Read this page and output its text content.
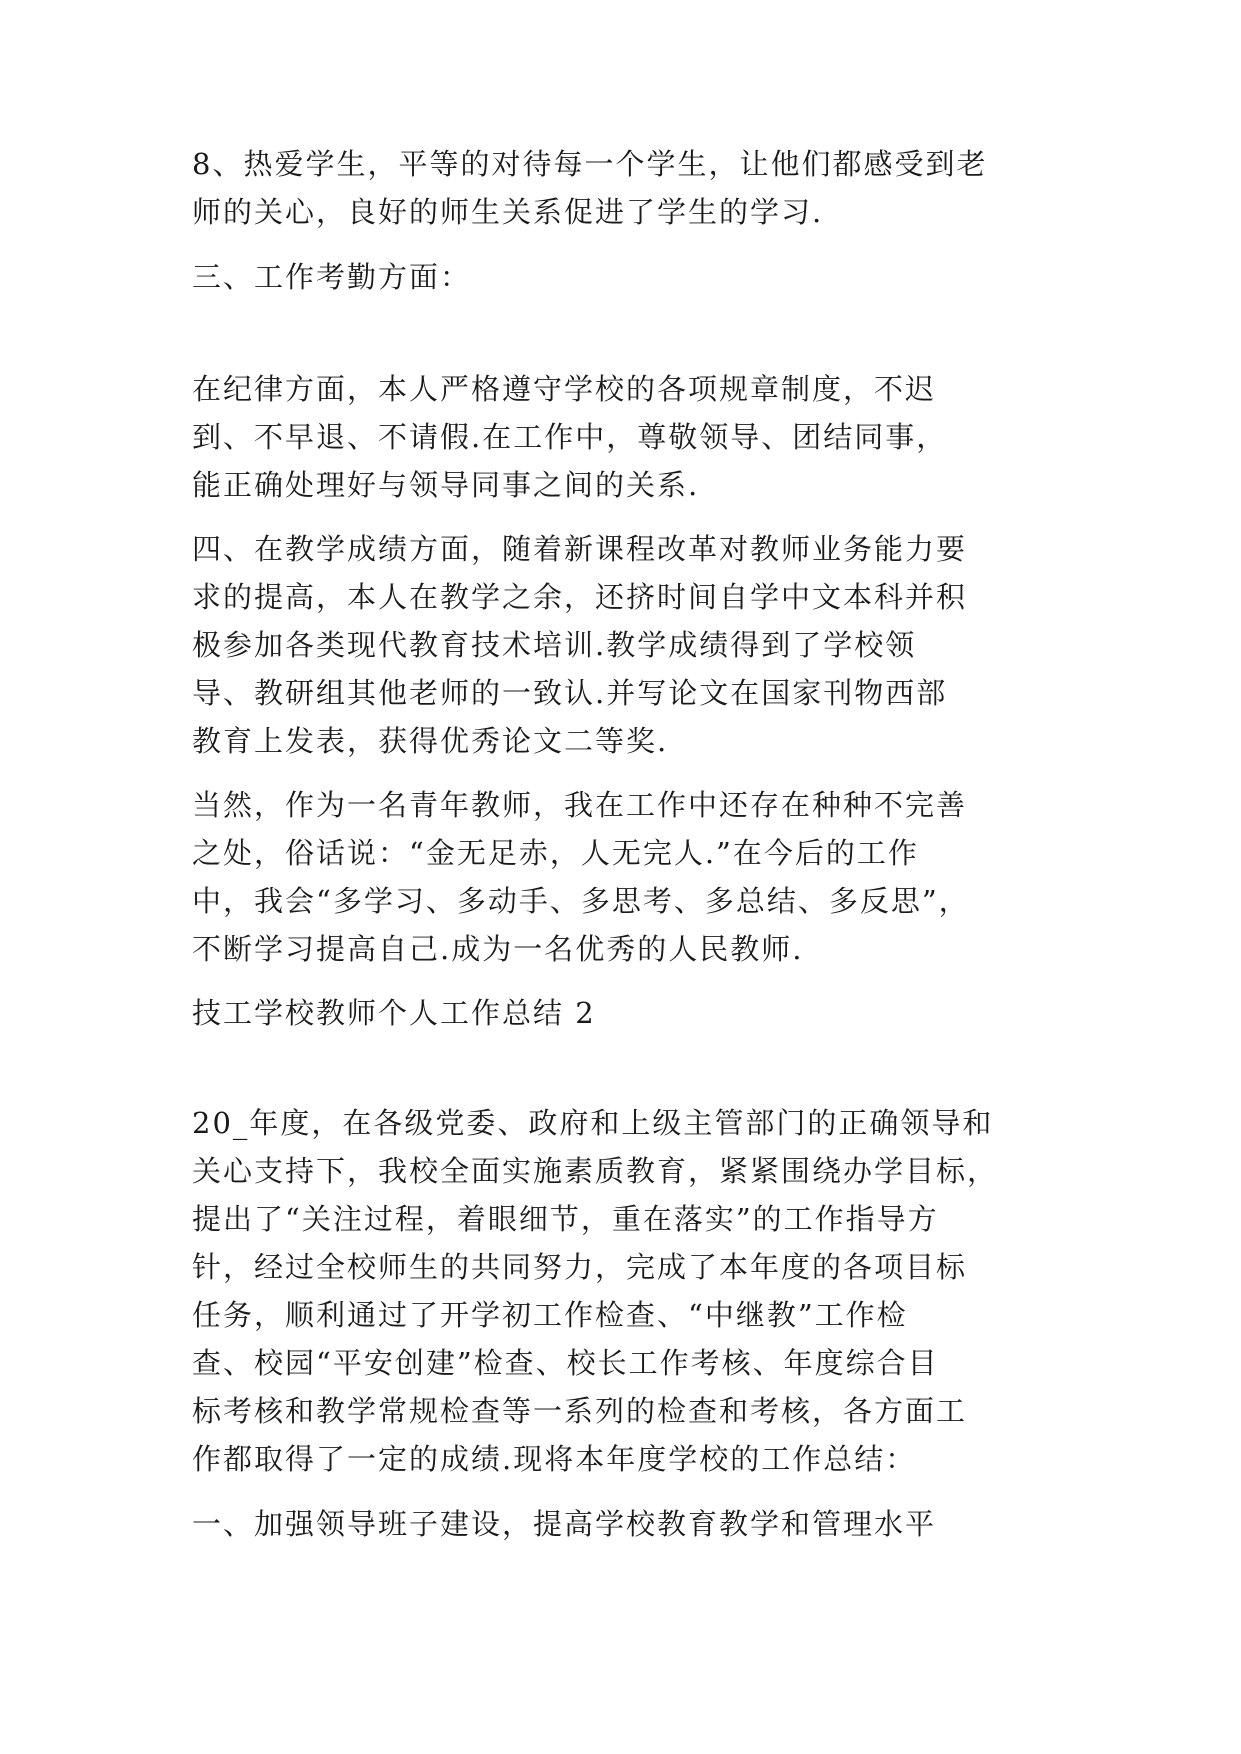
8、热爱学生，平等的对待每一个学生，让他们都感受到老
师的关心，良好的师生关系促进了学生的学习.

三、工作考勤方面：

在纪律方面，本人严格遵守学校的各项规章制度，不迟
到、不早退、不请假.在工作中，尊敬领导、团结同事，
能正确处理好与领导同事之间的关系.

四、在教学成绩方面，随着新课程改革对教师业务能力要
求的提高，本人在教学之余，还挤时间自学中文本科并积
极参加各类现代教育技术培训.教学成绩得到了学校领
导、教研组其他老师的一致认.并写论文在国家刊物西部
教育上发表，获得优秀论文二等奖.

当然，作为一名青年教师，我在工作中还存在种种不完善
之处，俗话说：“金无足赤，人无完人.”在今后的工作
中，我会“多学习、多动手、多思考、多总结、多反思”，
不断学习提高自己.成为一名优秀的人民教师.

技工学校教师个人工作总结 2

20_年度，在各级党委、政府和上级主管部门的正确领导和
关心支持下，我校全面实施素质教育，紧紧围绕办学目标，
提出了“关注过程，着眼细节，重在落实”的工作指导方
针，经过全校师生的共同努力，完成了本年度的各项目标
任务，顺利通过了开学初工作检查、“中继教”工作检
查、校园“平安创建”检查、校长工作考核、年度综合目
标考核和教学常规检查等一系列的检查和考核，各方面工
作都取得了一定的成绩.现将本年度学校的工作总结：

一、加强领导班子建设，提高学校教育教学和管理水平
